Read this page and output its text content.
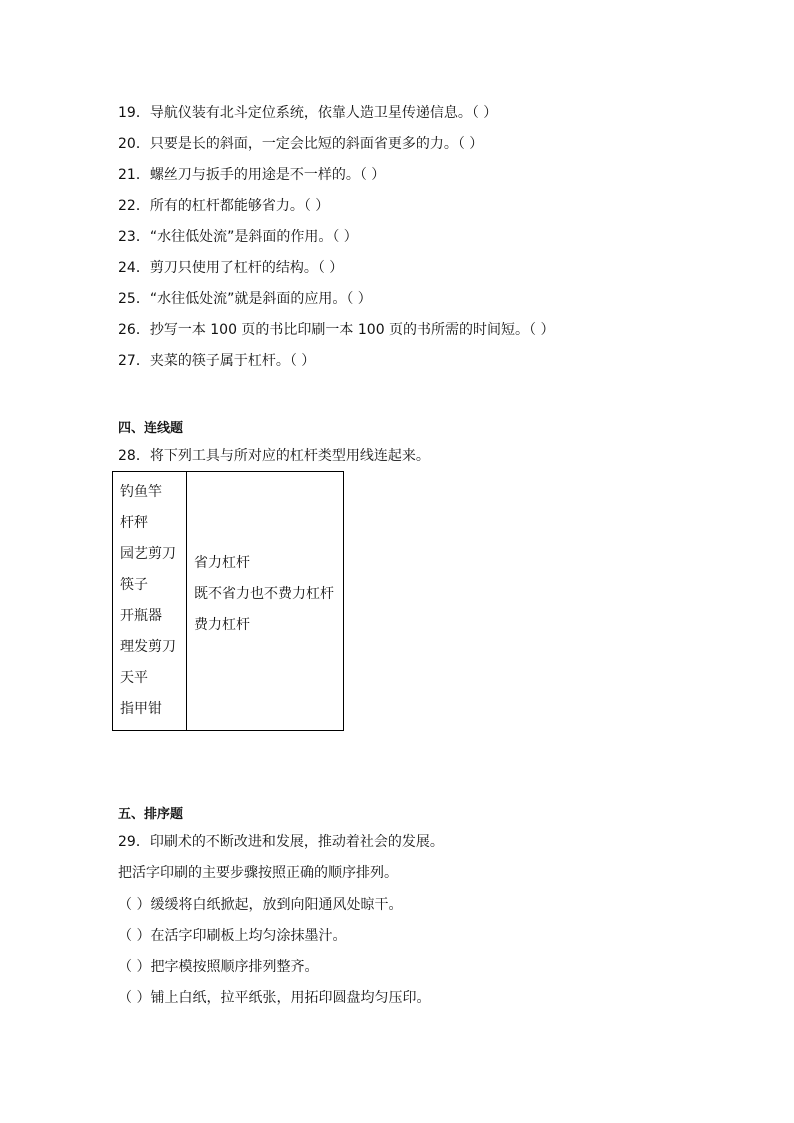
19．导航仪装有北斗定位系统，依靠人造卫星传递信息。（ ）
20．只要是长的斜面，一定会比短的斜面省更多的力。（ ）
21．螺丝刀与扳手的用途是不一样的。（ ）
22．所有的杠杆都能够省力。（ ）
23．“水往低处流”是斜面的作用。（ ）
24．剪刀只使用了杠杆的结构。（ ）
25．“水往低处流”就是斜面的应用。（ ）
26．抄写一本 100 页的书比印刷一本 100 页的书所需的时间短。（ ）
27．夹菜的筷子属于杠杆。（ ）
四、连线题
28．将下列工具与所对应的杠杆类型用线连起来。
钓鱼竿
杆秤
园艺剪刀
筷子
开瓶器
理发剪刀
天平
指甲钳
省力杠杆
既不省力也不费力杠杆
费力杠杆
五、排序题
29．印刷术的不断改进和发展，推动着社会的发展。
把活字印刷的主要步骤按照正确的顺序排列。
（ ）缓缓将白纸掀起，放到向阳通风处晾干。
（ ）在活字印刷板上均匀涂抹墨汁。
（ ）把字模按照顺序排列整齐。
（ ）铺上白纸，拉平纸张，用拓印圆盘均匀压印。
